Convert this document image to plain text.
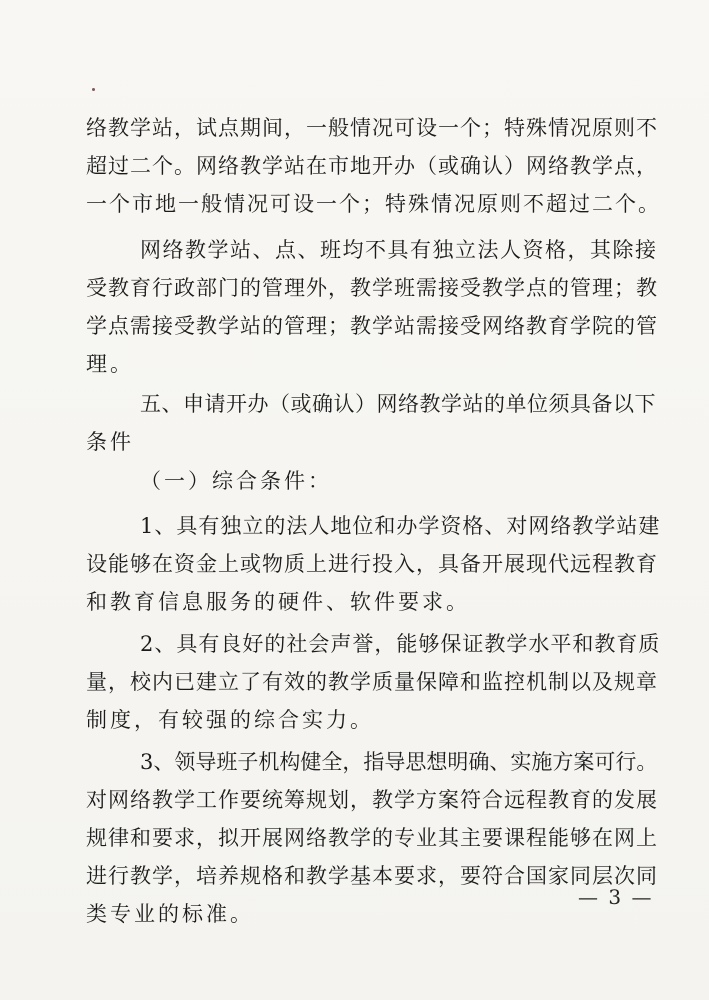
络教学站，试点期间，一般情况可设一个；特殊情况原则不
超过二个。网络教学站在市地开办（或确认）网络教学点，
一个市地一般情况可设一个；特殊情况原则不超过二个。
网络教学站、点、班均不具有独立法人资格，其除接
受教育行政部门的管理外，教学班需接受教学点的管理；教
学点需接受教学站的管理；教学站需接受网络教育学院的管
理。
五、申请开办（或确认）网络教学站的单位须具备以下
条件
（一）综合条件：
1、具有独立的法人地位和办学资格、对网络教学站建
设能够在资金上或物质上进行投入，具备开展现代远程教育
和教育信息服务的硬件、软件要求。
2、具有良好的社会声誉，能够保证教学水平和教育质
量，校内已建立了有效的教学质量保障和监控机制以及规章
制度，有较强的综合实力。
3、领导班子机构健全，指导思想明确、实施方案可行。
对网络教学工作要统筹规划，教学方案符合远程教育的发展
规律和要求，拟开展网络教学的专业其主要课程能够在网上
进行教学，培养规格和教学基本要求，要符合国家同层次同
类专业的标准。
— 3 —
